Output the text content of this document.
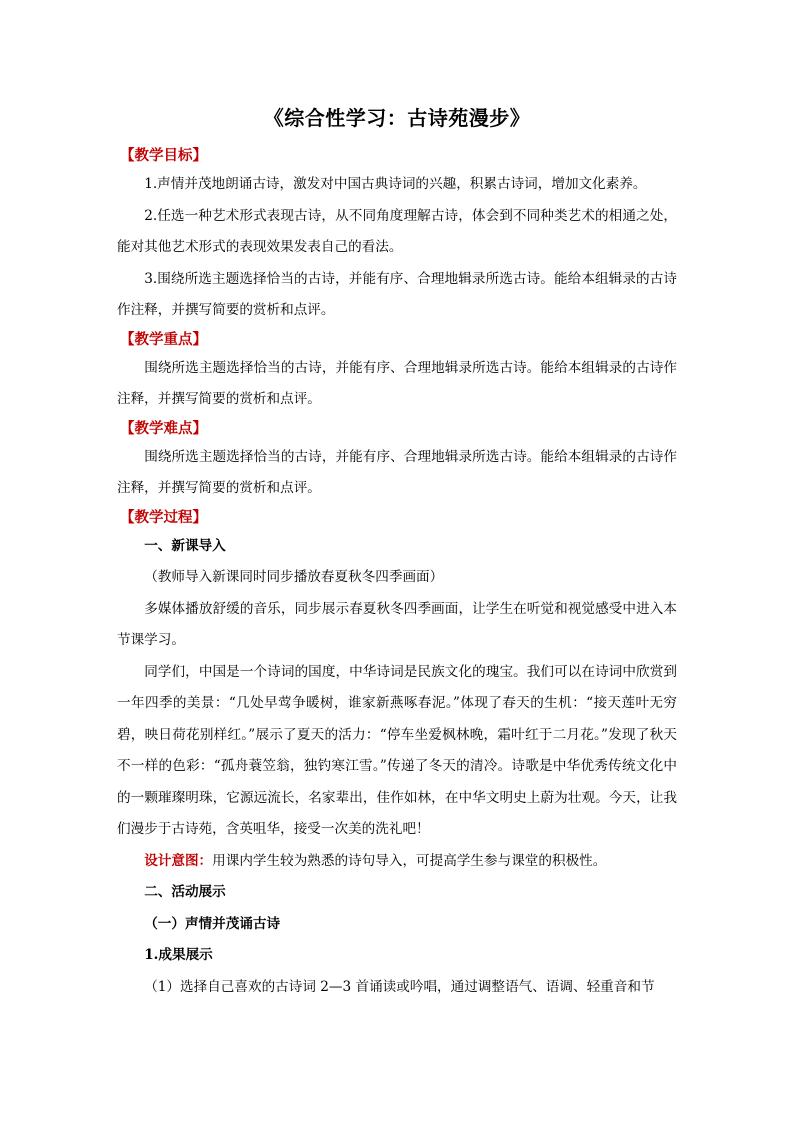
《综合性学习：古诗苑漫步》
【教学目标】

1.声情并茂地朗诵古诗，激发对中国古典诗词的兴趣，积累古诗词，增加文化素养。

2.任选一种艺术形式表现古诗，从不同角度理解古诗，体会到不同种类艺术的相通之处，能对其他艺术形式的表现效果发表自己的看法。

3.围绕所选主题选择恰当的古诗，并能有序、合理地辑录所选古诗。能给本组辑录的古诗作注释，并撰写简要的赏析和点评。

【教学重点】

围绕所选主题选择恰当的古诗，并能有序、合理地辑录所选古诗。能给本组辑录的古诗作注释，并撰写简要的赏析和点评。

【教学难点】

围绕所选主题选择恰当的古诗，并能有序、合理地辑录所选古诗。能给本组辑录的古诗作注释，并撰写简要的赏析和点评。

【教学过程】

一、新课导入

（教师导入新课同时同步播放春夏秋冬四季画面）

多媒体播放舒缓的音乐，同步展示春夏秋冬四季画面，让学生在听觉和视觉感受中进入本节课学习。

同学们，中国是一个诗词的国度，中华诗词是民族文化的瑰宝。我们可以在诗词中欣赏到一年四季的美景：“几处早莺争暖树，谁家新燕啄春泥。”体现了春天的生机：“接天莲叶无穷碧，映日荷花别样红。”展示了夏天的活力：“停车坐爱枫林晚，霜叶红于二月花。”发现了秋天不一样的色彩：“孤舟蓑笠翁，独钓寒江雪。”传递了冬天的清冷。诗歌是中华优秀传统文化中的一颗璀璨明珠，它源远流长，名家辈出，佳作如林，在中华文明史上蔚为壮观。今天，让我们漫步于古诗苑，含英咀华，接受一次美的洗礼吧！

设计意图：用课内学生较为熟悉的诗句导入，可提高学生参与课堂的积极性。

二、活动展示

（一）声情并茂诵古诗

1.成果展示

（1）选择自己喜欢的古诗词 2—3 首诵读或吟唱，通过调整语气、语调、轻重音和节
